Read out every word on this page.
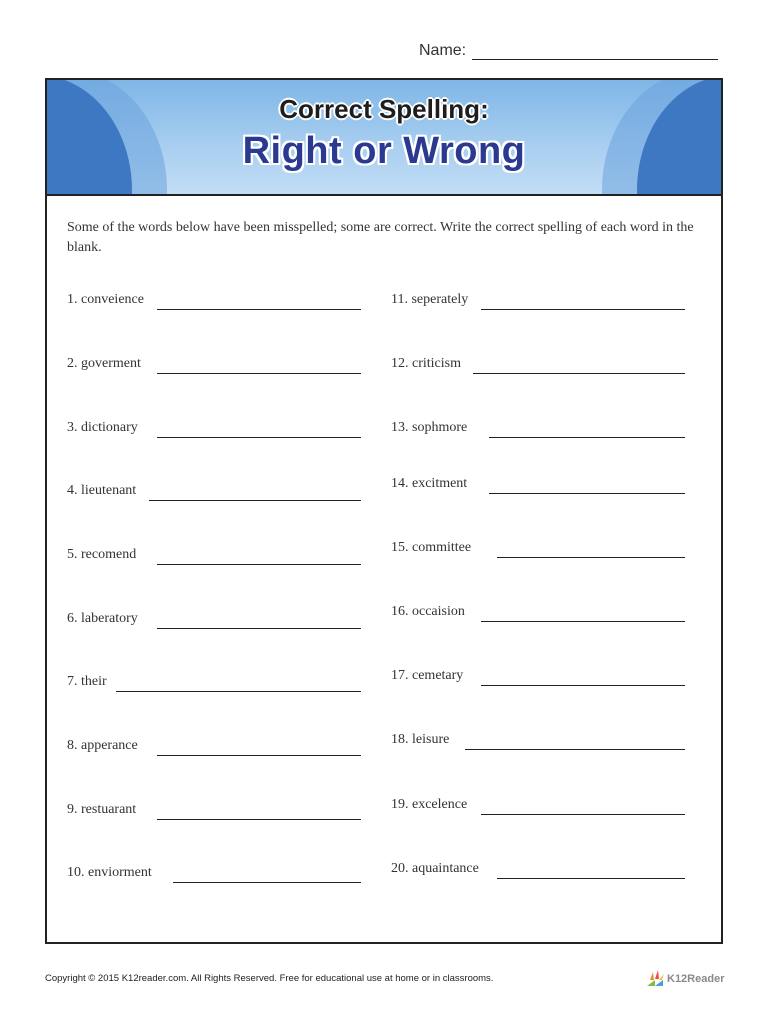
Name:
Correct Spelling:
Right or Wrong
Some of the words below have been misspelled; some are correct. Write the correct spelling of each word in the blank.
1. conveience
2. goverment
3. dictionary
4. lieutenant
5. recomend
6. laberatory
7. their
8. apperance
9. restuarant
10. enviorment
11. seperately
12. criticism
13. sophmore
14. excitment
15. committee
16. occaision
17. cemetary
18. leisure
19. excelence
20. aquaintance
Copyright © 2015 K12reader.com. All Rights Reserved. Free for educational use at home or in classrooms.	K12Reader
